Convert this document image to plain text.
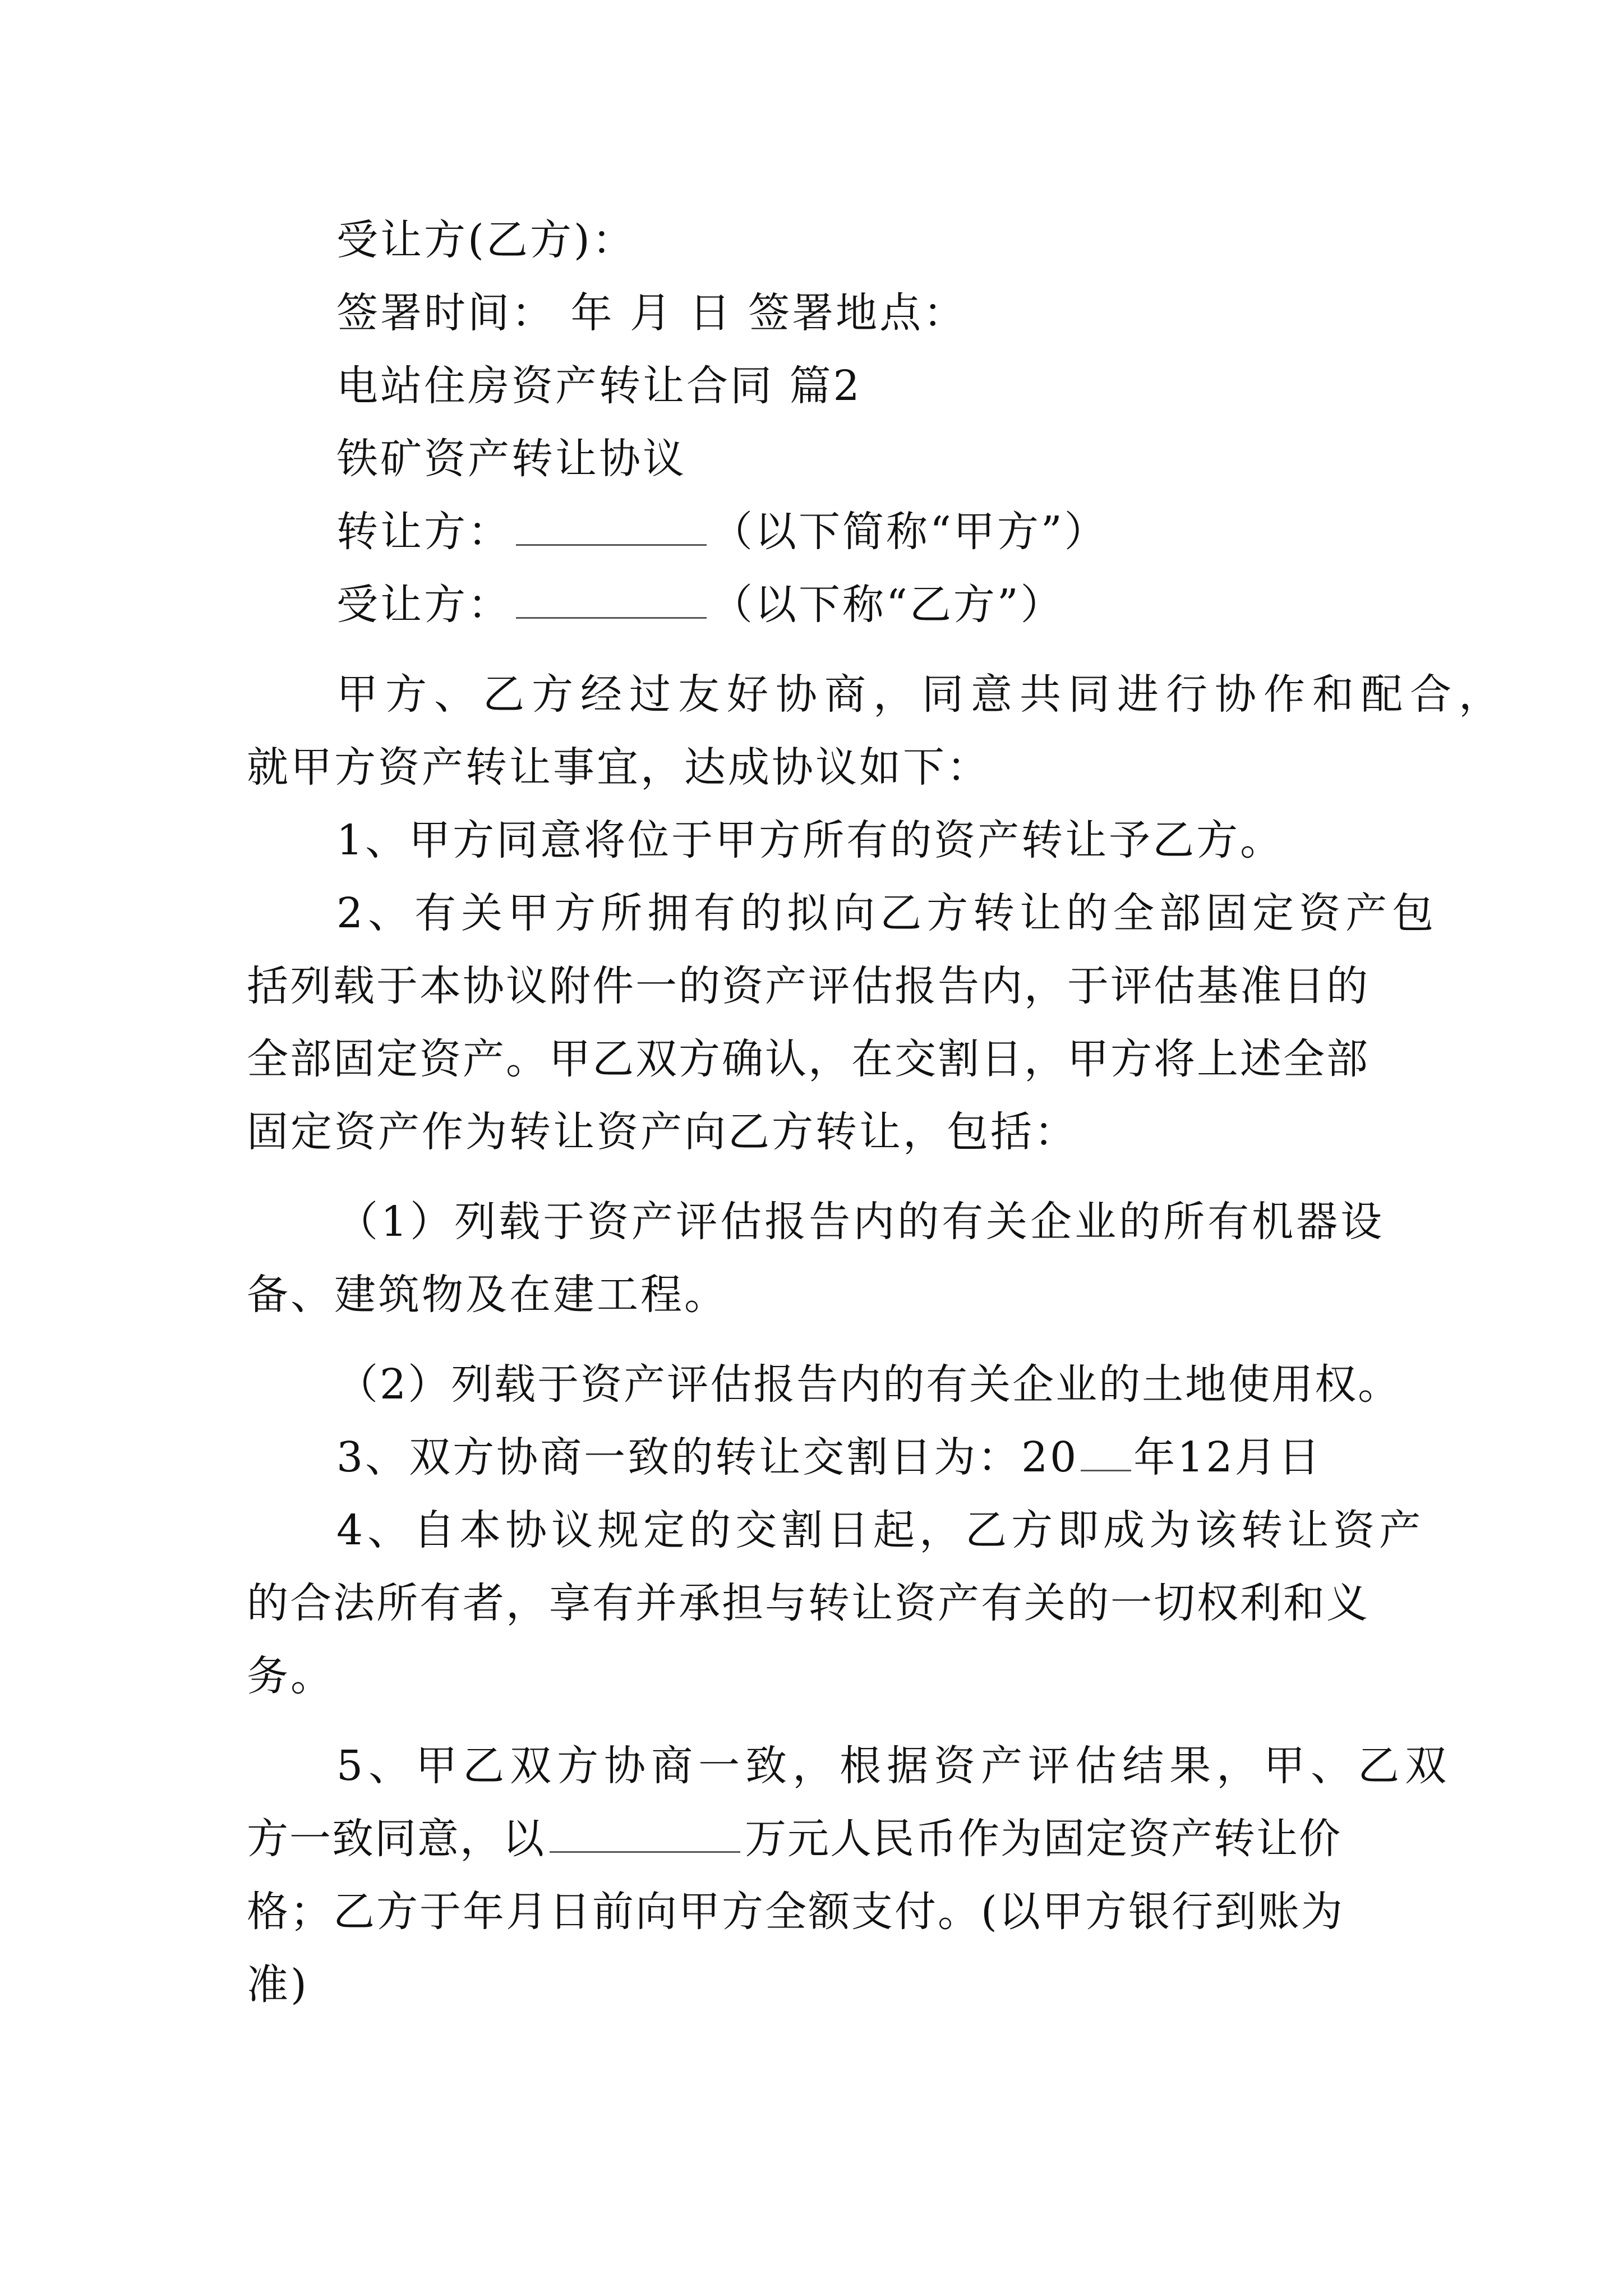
受让方(乙方)：
签署时间： 年 月 日 签署地点：
电站住房资产转让合同 篇2
铁矿资产转让协议
转让方：	（以下简称“甲方”）
受让方：	（以下称“乙方”）
甲方、乙方经过友好协商，同意共同进行协作和配合，
就甲方资产转让事宜，达成协议如下：
1、甲方同意将位于甲方所有的资产转让予乙方。
2、有关甲方所拥有的拟向乙方转让的全部固定资产包
括列载于本协议附件一的资产评估报告内，于评估基准日的
全部固定资产。甲乙双方确认，在交割日，甲方将上述全部
固定资产作为转让资产向乙方转让，包括：
（1）列载于资产评估报告内的有关企业的所有机器设
备、建筑物及在建工程。
（2）列载于资产评估报告内的有关企业的土地使用权。
3、双方协商一致的转让交割日为：20 年12月日
4、自本协议规定的交割日起，乙方即成为该转让资产
的合法所有者，享有并承担与转让资产有关的一切权利和义
务。
5、甲乙双方协商一致，根据资产评估结果，甲、乙双
方一致同意，以	万元人民币作为固定资产转让价
格；乙方于年月日前向甲方全额支付。(以甲方银行到账为
准)
